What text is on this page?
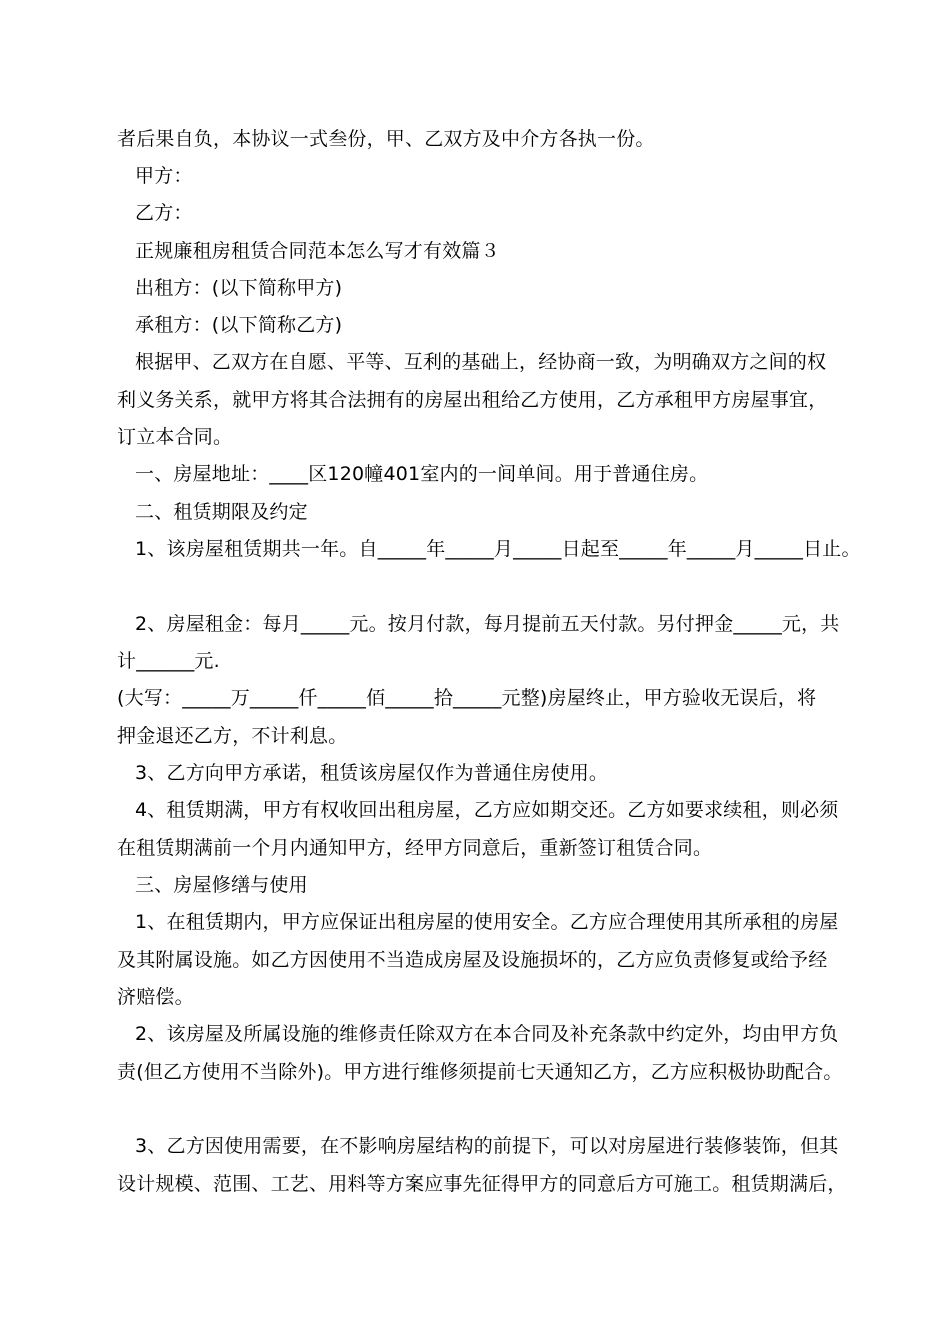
者后果自负，本协议一式叁份，甲、乙双方及中介方各执一份。
甲方：
乙方：
正规廉租房租赁合同范本怎么写才有效篇３
出租方：(以下简称甲方)
承租方：(以下简称乙方)
根据甲、乙双方在自愿、平等、互利的基础上，经协商一致，为明确双方之间的权
利义务关系，就甲方将其合法拥有的房屋出租给乙方使用，乙方承租甲方房屋事宜，
订立本合同。
一、房屋地址：____区120幢401室内的一间单间。用于普通住房。
二、租赁期限及约定
1、该房屋租赁期共一年。自_____年_____月_____日起至_____年_____月_____日止。
2、房屋租金：每月_____元。按月付款，每月提前五天付款。另付押金_____元，共
计______元.
(大写：_____万_____仟_____佰_____拾_____元整)房屋终止，甲方验收无误后，将
押金退还乙方，不计利息。
3、乙方向甲方承诺，租赁该房屋仅作为普通住房使用。
4、租赁期满，甲方有权收回出租房屋，乙方应如期交还。乙方如要求续租，则必须
在租赁期满前一个月内通知甲方，经甲方同意后，重新签订租赁合同。
三、房屋修缮与使用
1、在租赁期内，甲方应保证出租房屋的使用安全。乙方应合理使用其所承租的房屋
及其附属设施。如乙方因使用不当造成房屋及设施损坏的，乙方应负责修复或给予经
济赔偿。
2、该房屋及所属设施的维修责任除双方在本合同及补充条款中约定外，均由甲方负
责(但乙方使用不当除外)。甲方进行维修须提前七天通知乙方，乙方应积极协助配合。
3、乙方因使用需要，在不影响房屋结构的前提下，可以对房屋进行装修装饰，但其
设计规模、范围、工艺、用料等方案应事先征得甲方的同意后方可施工。租赁期满后，
